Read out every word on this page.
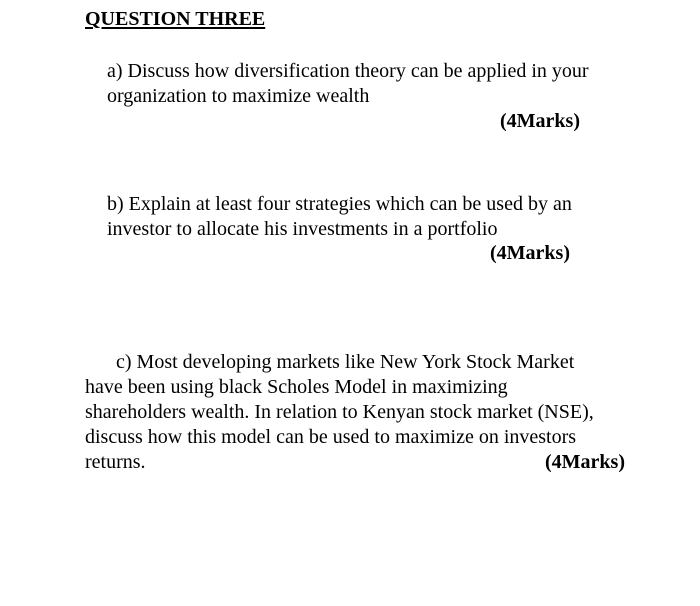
QUESTION THREE
a) Discuss how diversification theory can be applied in your
organization to maximize wealth
(4Marks)
b) Explain at least four strategies which can be used by an
investor to allocate his investments in a portfolio
(4Marks)
c) Most developing markets like New York Stock Market
have been using black Scholes Model in maximizing
shareholders wealth. In relation to Kenyan stock market (NSE),
discuss how this model can be used to maximize on investors
returns.	(4Marks)
